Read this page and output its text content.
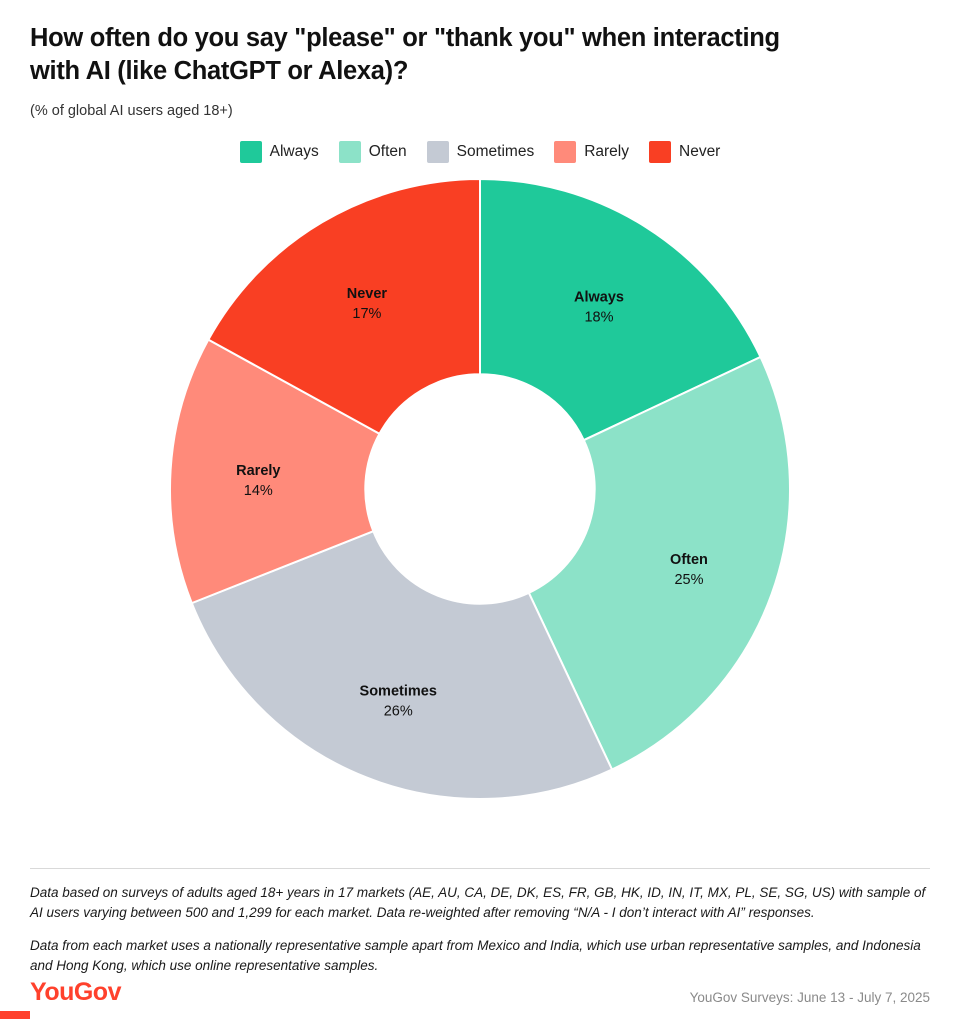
How often do you say "please" or "thank you" when interacting with AI (like ChatGPT or Alexa)?
(% of global AI users aged 18+)
Always	Often	Sometimes	Rarely	Never
Always
18%
Often
25%
Sometimes
26%
Rarely
14%
Never
17%
Data based on surveys of adults aged 18+ years in 17 markets (AE, AU, CA, DE, DK, ES, FR, GB, HK, ID, IN, IT, MX, PL, SE, SG, US) with sample of AI users varying between 500 and 1,299 for each market. Data re-weighted after removing “N/A - I don’t interact with AI” responses.
Data from each market uses a nationally representative sample apart from Mexico and India, which use urban representative samples, and Indonesia and Hong Kong, which use online representative samples.
YouGov	YouGov Surveys: June 13 - July 7, 2025
